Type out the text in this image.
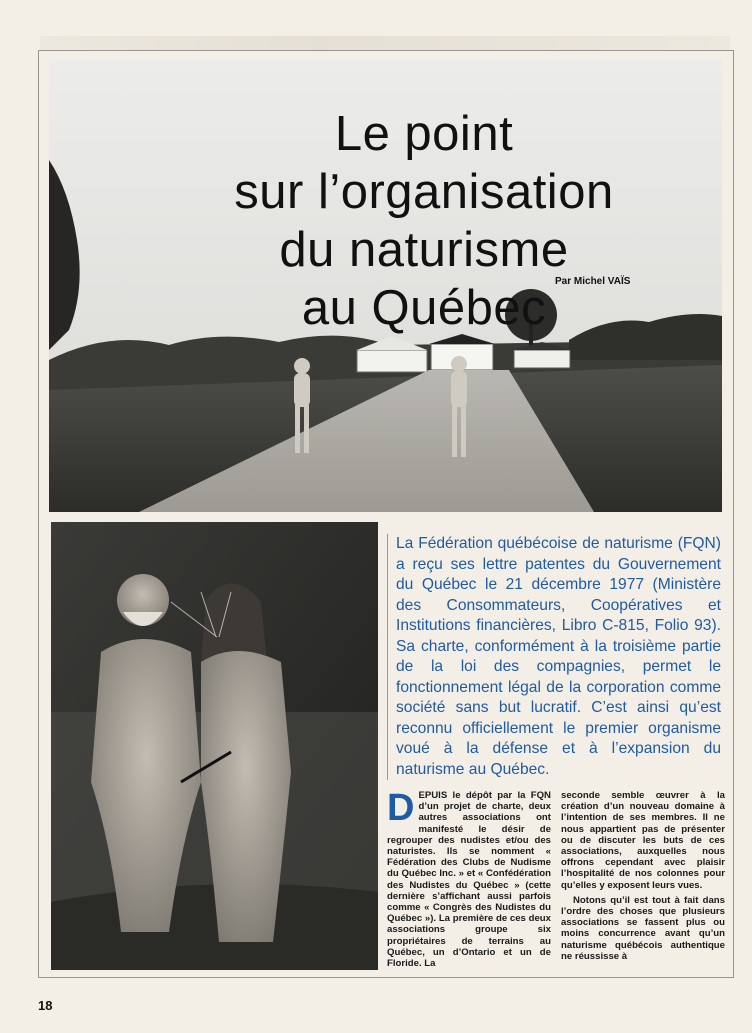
Le point
sur l’organisation
du naturisme
au Québec Par Michel VAÏS

La Fédération québécoise de naturisme (FQN) a reçu ses lettre patentes du Gouvernement du Québec le 21 décembre 1977 (Ministère des Consommateurs, Coopératives et Institutions financières, Libro C-815, Folio 93). Sa charte, conformément à la troisième partie de la loi des compagnies, permet le fonctionnement légal de la corporation comme société sans but lucratif. C’est ainsi qu’est reconnu officiellement le premier organisme voué à la défense et à l’expansion du naturisme au Québec.

DEPUIS le dépôt par la FQN d’un projet de charte, deux autres associations ont manifesté le désir de regrouper des nudistes et/ou des naturistes. Ils se nomment « Fédération des Clubs de Nudisme du Québec Inc. » et « Confédération des Nudistes du Québec » (cette dernière s’affichant aussi parfois comme « Congrès des Nudistes du Québec »). La première de ces deux associations groupe six propriétaires de terrains au Québec, un d’Ontario et un de Floride. La

seconde semble œuvrer à la création d’un nouveau domaine à l’intention de ses membres. Il ne nous appartient pas de présenter ou de discuter les buts de ces associations, auxquelles nous offrons cependant avec plaisir l’hospitalité de nos colonnes pour qu’elles y exposent leurs vues.

Notons qu’il est tout à fait dans l’ordre des choses que plusieurs associations se fassent plus ou moins concurrence avant qu’un naturisme québécois authentique ne réussisse à

18
